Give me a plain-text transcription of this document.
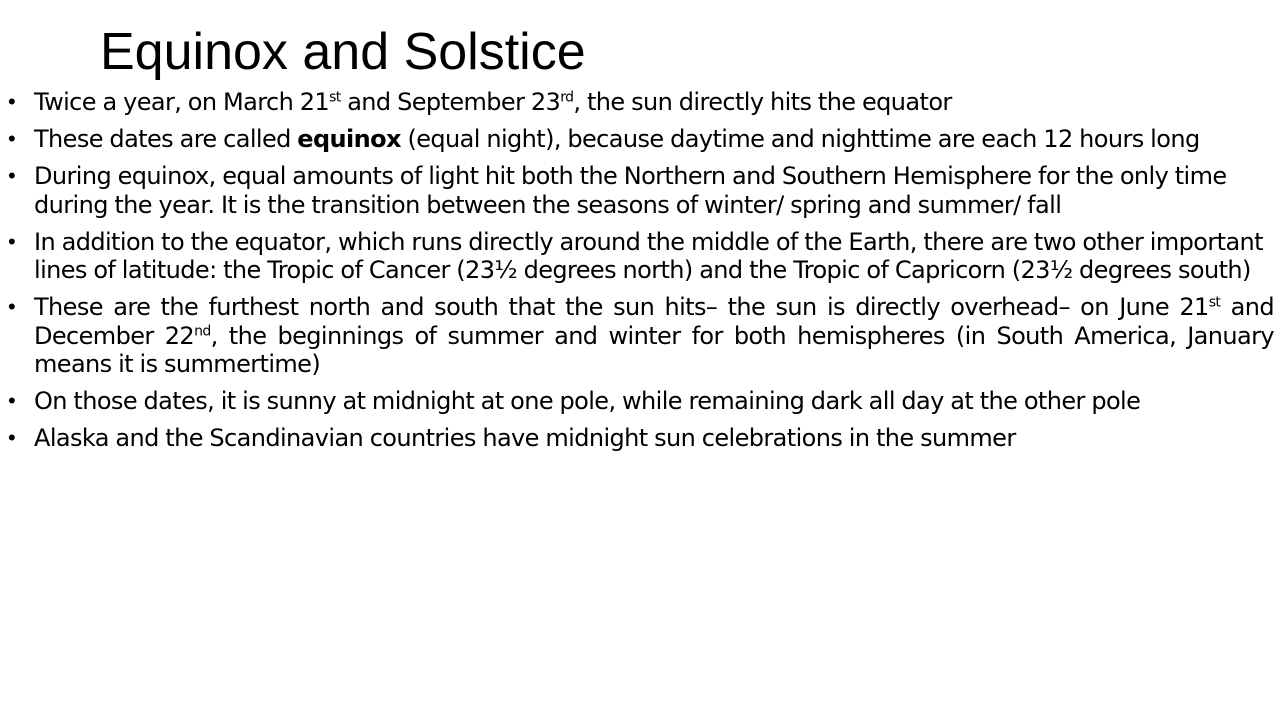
Equinox and Solstice
• Twice a year, on March 21st and September 23rd, the sun directly hits the equator
• These dates are called equinox (equal night), because daytime and nighttime are each 12 hours long
• During equinox, equal amounts of light hit both the Northern and Southern Hemisphere for the only time during the year. It is the transition between the seasons of winter/ spring and summer/ fall
• In addition to the equator, which runs directly around the middle of the Earth, there are two other important lines of latitude: the Tropic of Cancer (23½ degrees north) and the Tropic of Capricorn (23½ degrees south)
• These are the furthest north and south that the sun hits– the sun is directly overhead– on June 21st and December 22nd, the beginnings of summer and winter for both hemispheres (in South America, January means it is summertime)
• On those dates, it is sunny at midnight at one pole, while remaining dark all day at the other pole
• Alaska and the Scandinavian countries have midnight sun celebrations in the summer
